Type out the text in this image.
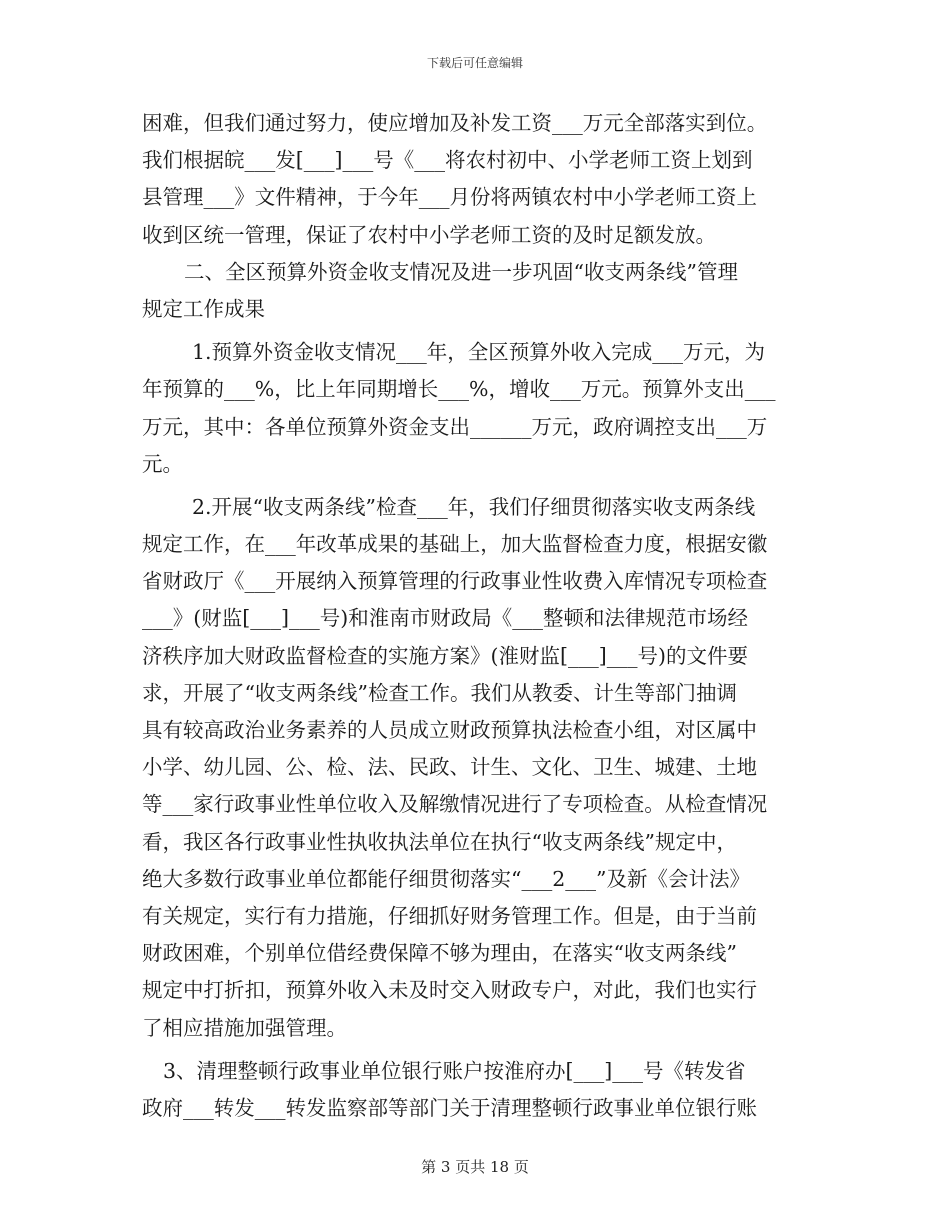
下载后可任意编辑
困难，但我们通过努力，使应增加及补发工资___万元全部落实到位。
我们根据皖___发[___]___号《___将农村初中、小学老师工资上划到
县管理___》文件精神，于今年___月份将两镇农村中小学老师工资上
收到区统一管理，保证了农村中小学老师工资的及时足额发放。
二、全区预算外资金收支情况及进一步巩固“收支两条线”管理
规定工作成果
1.预算外资金收支情况___年，全区预算外收入完成___万元，为
年预算的___%，比上年同期增长___%，增收___万元。预算外支出___
万元，其中：各单位预算外资金支出______万元，政府调控支出___万
元。
2.开展“收支两条线”检查___年，我们仔细贯彻落实收支两条线
规定工作，在___年改革成果的基础上，加大监督检查力度，根据安徽
省财政厅《___开展纳入预算管理的行政事业性收费入库情况专项检查
___》(财监[___]___号)和淮南市财政局《___整顿和法律规范市场经
济秩序加大财政监督检查的实施方案》(淮财监[___]___号)的文件要
求，开展了“收支两条线”检查工作。我们从教委、计生等部门抽调
具有较高政治业务素养的人员成立财政预算执法检查小组，对区属中
小学、幼儿园、公、检、法、民政、计生、文化、卫生、城建、土地
等___家行政事业性单位收入及解缴情况进行了专项检查。从检查情况
看，我区各行政事业性执收执法单位在执行“收支两条线”规定中，
绝大多数行政事业单位都能仔细贯彻落实“___2___”及新《会计法》
有关规定，实行有力措施，仔细抓好财务管理工作。但是，由于当前
财政困难，个别单位借经费保障不够为理由，在落实“收支两条线”
规定中打折扣，预算外收入未及时交入财政专户，对此，我们也实行
了相应措施加强管理。
3、清理整顿行政事业单位银行账户按淮府办[___]___号《转发省
政府___转发___转发监察部等部门关于清理整顿行政事业单位银行账
第 3 页共 18 页
